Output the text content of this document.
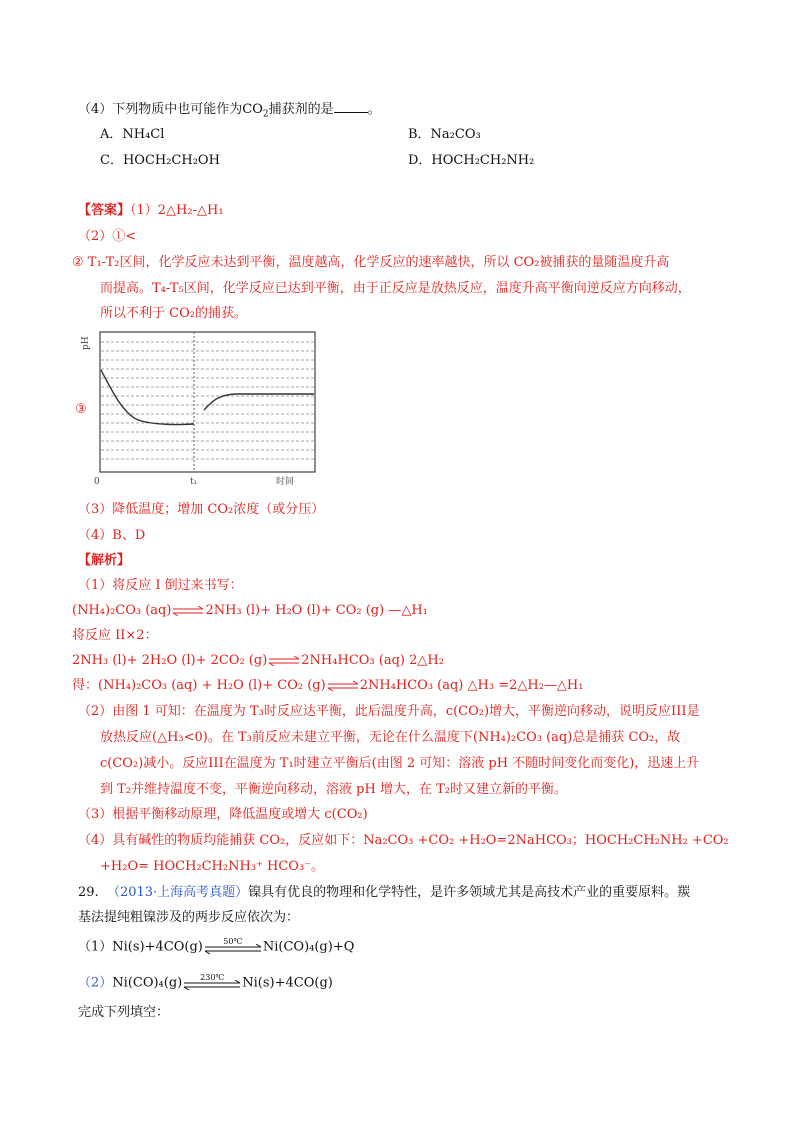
（4）下列物质中也可能作为$CO_2$捕获剂的是	。
A．NH₄Cl	B．Na₂CO₃
C．HOCH₂CH₂OH	D．HOCH₂CH₂NH₂
【答案】（1）2△H₂-△H₁
（2）①<
② T₁-T₂区间，化学反应未达到平衡，温度越高，化学反应的速率越快，所以 CO₂被捕获的量随温度升高
而提高。T₄-T₅区间，化学反应已达到平衡，由于正反应是放热反应，温度升高平衡向逆反应方向移动，
所以不利于 CO₂的捕获。
③
pH
0	t₁	时间
（3）降低温度；增加 CO₂浓度（或分压）
（4）B、D
【解析】
（1）将反应 I 倒过来书写：
(NH₄)₂CO₃ (aq)⇌2NH₃ (l)+ H₂O (l)+ CO₂ (g) —△H₁
将反应 II×2：
2NH₃ (l)+ 2H₂O (l)+ 2CO₂ (g)⇌2NH₄HCO₃ (aq) 2△H₂
得：(NH₄)₂CO₃ (aq) + H₂O (l)+ CO₂ (g)⇌2NH₄HCO₃ (aq) △H₃ =2△H₂—△H₁
（2）由图 1 可知：在温度为 T₃时反应达平衡，此后温度升高，c(CO₂)增大，平衡逆向移动，说明反应III是
放热反应(△H₃<0)。在 T₃前反应未建立平衡，无论在什么温度下(NH₄)₂CO₃ (aq)总是捕获 CO₂，故
c(CO₂)减小。反应III在温度为 T₁时建立平衡后(由图 2 可知：溶液 pH 不随时间变化而变化)，迅速上升
到 T₂并维持温度不变，平衡逆向移动，溶液 pH 增大，在 T₂时又建立新的平衡。
（3）根据平衡移动原理，降低温度或增大 c(CO₂)
（4）具有碱性的物质均能捕获 CO₂，反应如下：Na₂CO₃ +CO₂ +H₂O=2NaHCO₃；HOCH₂CH₂NH₂ +CO₂
+H₂O= HOCH₂CH₂NH₃⁺ HCO₃⁻。
29. （2013·上海高考真题）镍具有优良的物理和化学特性，是许多领域尤其是高技术产业的重要原料。羰
基法提纯粗镍涉及的两步反应依次为：
（1）Ni(s)+4CO(g)	50℃	Ni(CO)₄(g)+Q
（2）Ni(CO)₄(g)	230℃	Ni(s)+4CO(g)
完成下列填空：
